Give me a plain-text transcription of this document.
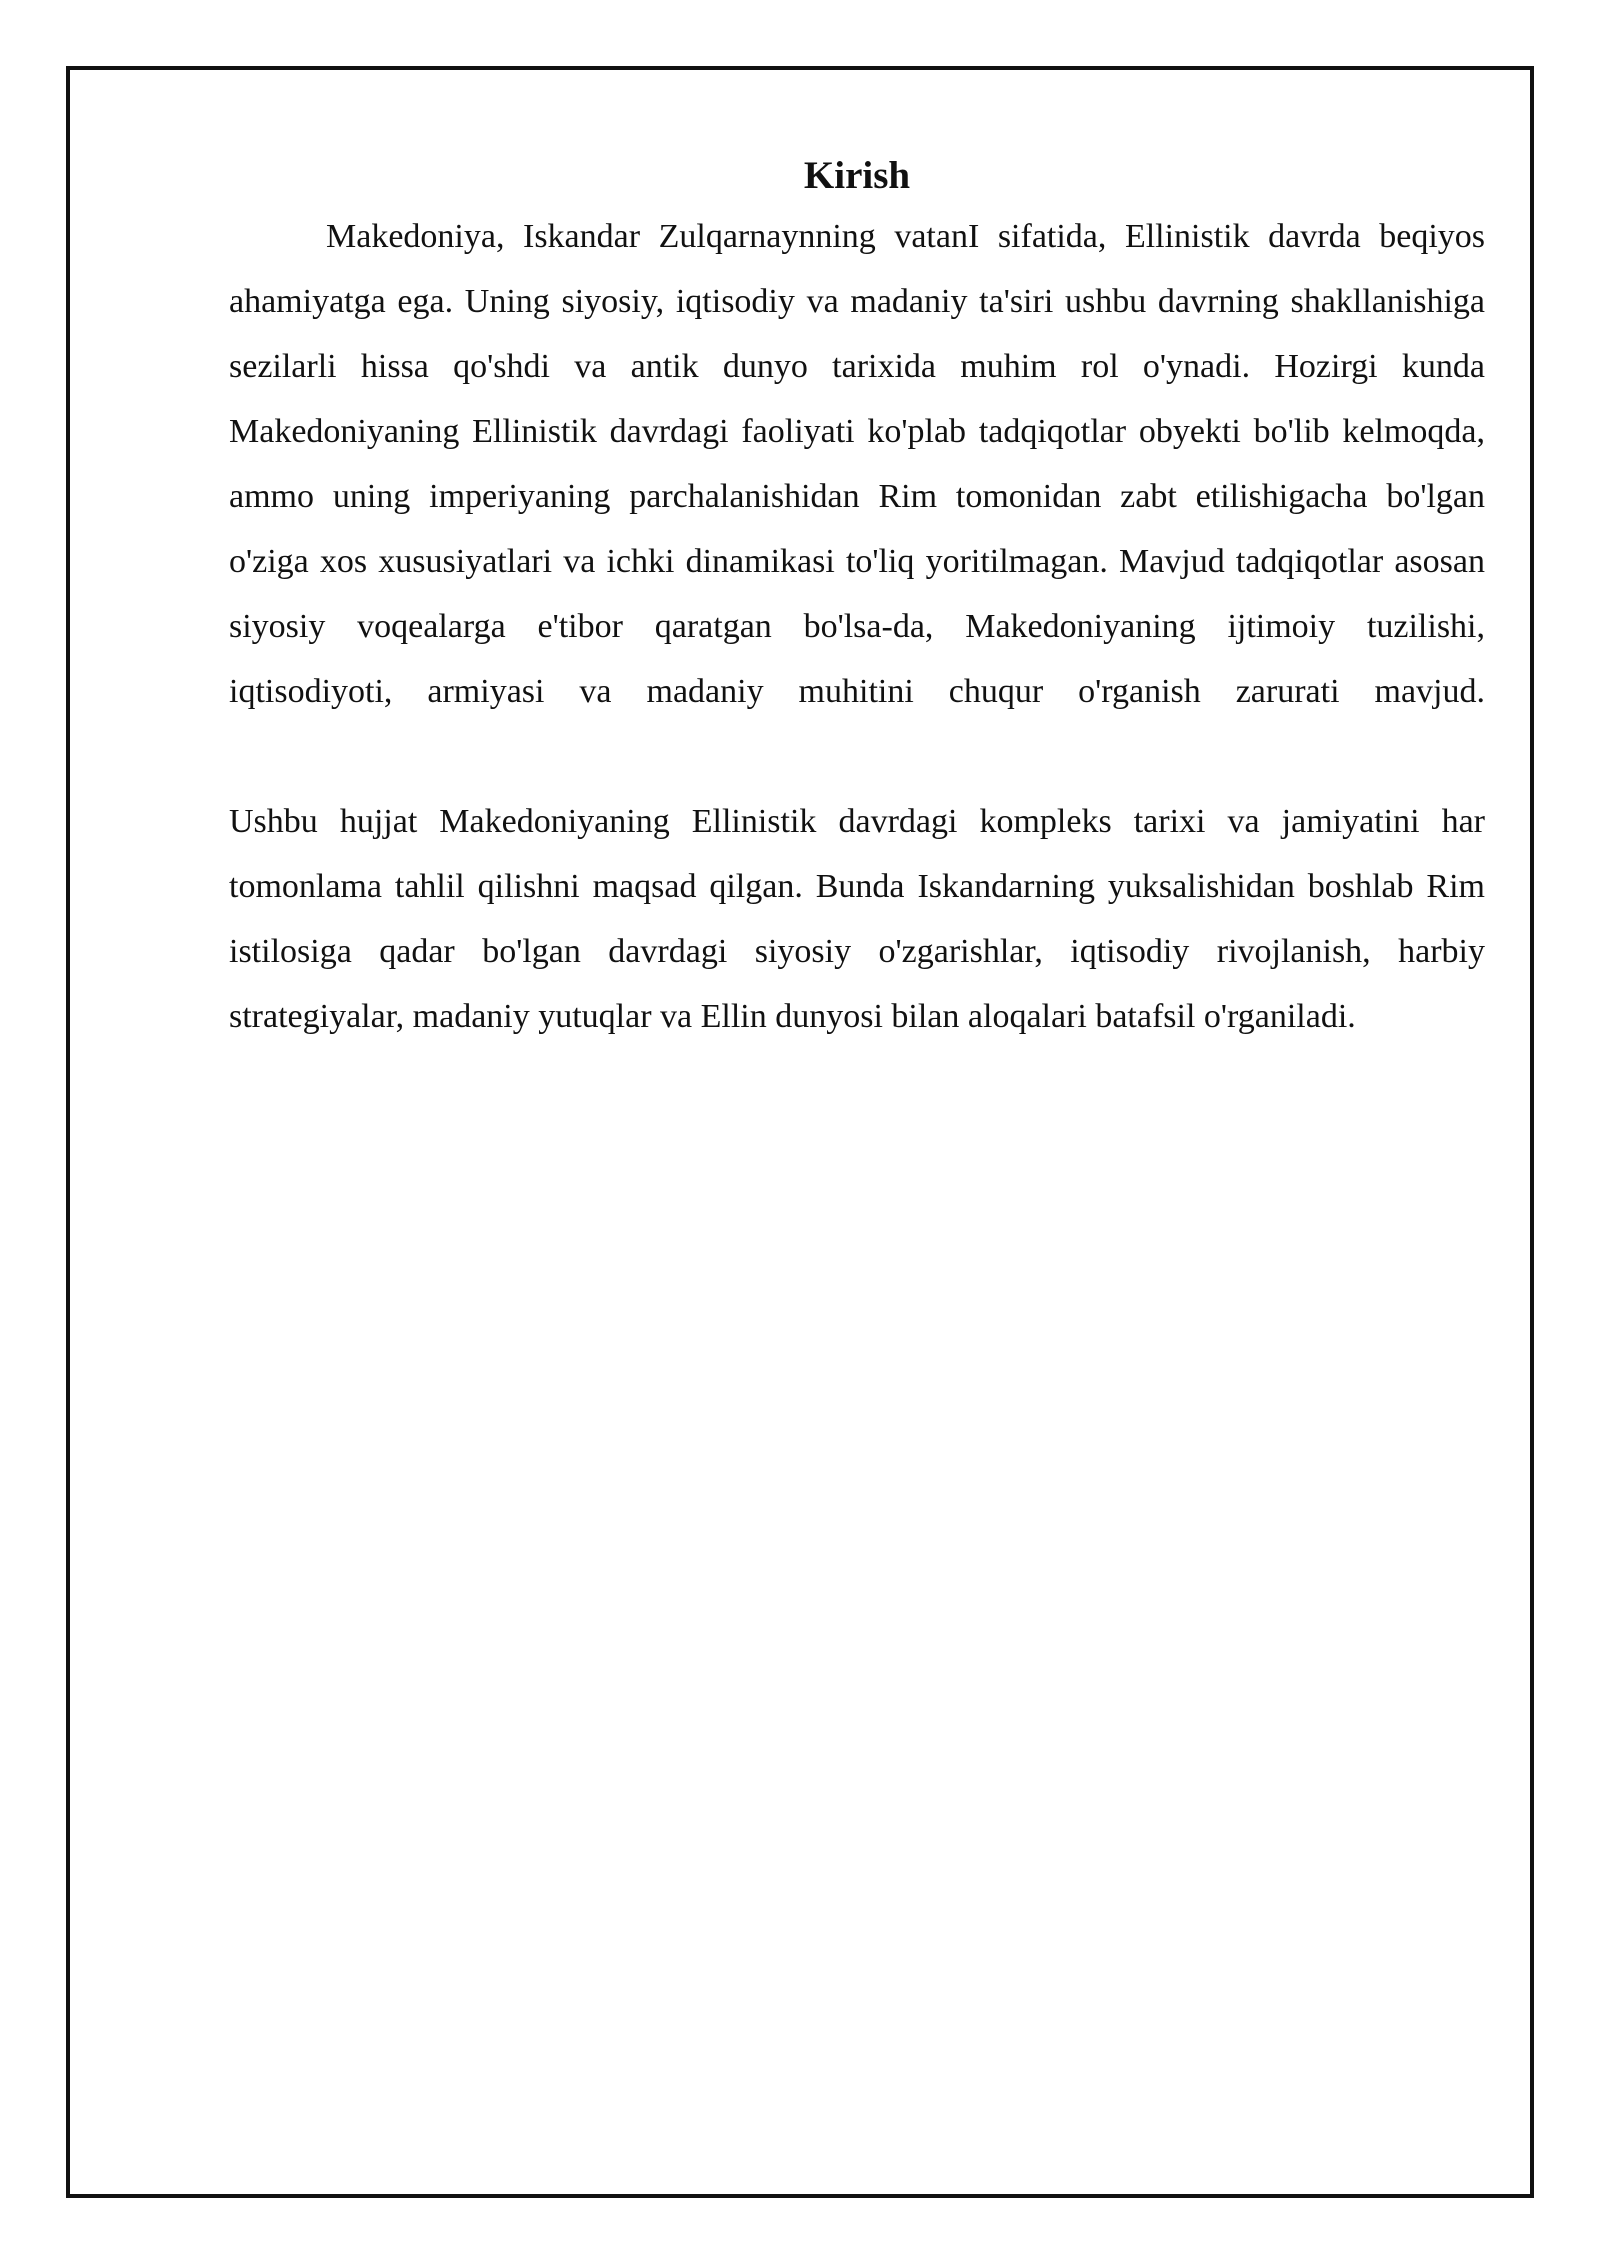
Kirish

Makedoniya, Iskandar Zulqarnaynning vatanI sifatida, Ellinistik davrda beqiyos ahamiyatga ega. Uning siyosiy, iqtisodiy va madaniy ta'siri ushbu davrning shakllanishiga sezilarli hissa qo'shdi va antik dunyo tarixida muhim rol o'ynadi. Hozirgi kunda Makedoniyaning Ellinistik davrdagi faoliyati ko'plab tadqiqotlar obyekti bo'lib kelmoqda, ammo uning imperiyaning parchalanishidan Rim tomonidan zabt etilishigacha bo'lgan o'ziga xos xususiyatlari va ichki dinamikasi to'liq yoritilmagan. Mavjud tadqiqotlar asosan siyosiy voqealarga e'tibor qaratgan bo'lsa-da, Makedoniyaning ijtimoiy tuzilishi, iqtisodiyoti, armiyasi va madaniy muhitini chuqur o'rganish zarurati mavjud.

Ushbu hujjat Makedoniyaning Ellinistik davrdagi kompleks tarixi va jamiyatini har tomonlama tahlil qilishni maqsad qilgan. Bunda Iskandarning yuksalishidan boshlab Rim istilosiga qadar bo'lgan davrdagi siyosiy o'zgarishlar, iqtisodiy rivojlanish, harbiy strategiyalar, madaniy yutuqlar va Ellin dunyosi bilan aloqalari batafsil o'rganiladi.
